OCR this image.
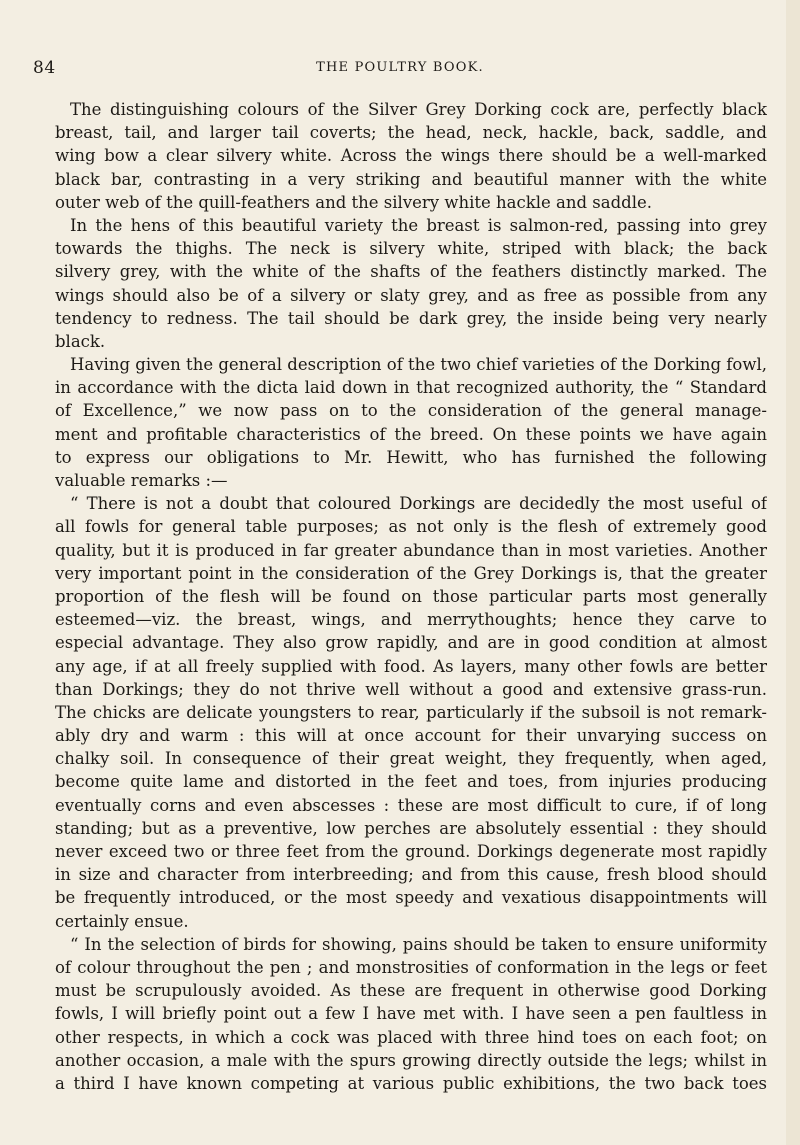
84	THE POULTRY BOOK.
The distinguishing colours of the Silver Grey Dorking cock are, perfectly black
breast, tail, and larger tail coverts; the head, neck, hackle, back, saddle, and
wing bow a clear silvery white. Across the wings there should be a well-marked
black bar, contrasting in a very striking and beautiful manner with the white
outer web of the quill-feathers and the silvery white hackle and saddle.
In the hens of this beautiful variety the breast is salmon-red, passing into grey
towards the thighs. The neck is silvery white, striped with black; the back
silvery grey, with the white of the shafts of the feathers distinctly marked. The
wings should also be of a silvery or slaty grey, and as free as possible from any
tendency to redness. The tail should be dark grey, the inside being very nearly
black.
Having given the general description of the two chief varieties of the Dorking fowl,
in accordance with the dicta laid down in that recognized authority, the “ Standard
of Excellence,” we now pass on to the consideration of the general manage-
ment and profitable characteristics of the breed. On these points we have again
to express our obligations to Mr. Hewitt, who has furnished the following
valuable remarks :—
“ There is not a doubt that coloured Dorkings are decidedly the most useful of
all fowls for general table purposes; as not only is the flesh of extremely good
quality, but it is produced in far greater abundance than in most varieties. Another
very important point in the consideration of the Grey Dorkings is, that the greater
proportion of the flesh will be found on those particular parts most generally
esteemed—viz. the breast, wings, and merrythoughts; hence they carve to
especial advantage. They also grow rapidly, and are in good condition at almost
any age, if at all freely supplied with food. As layers, many other fowls are better
than Dorkings; they do not thrive well without a good and extensive grass-run.
The chicks are delicate youngsters to rear, particularly if the subsoil is not remark-
ably dry and warm : this will at once account for their unvarying success on
chalky soil. In consequence of their great weight, they frequently, when aged,
become quite lame and distorted in the feet and toes, from injuries producing
eventually corns and even abscesses : these are most difficult to cure, if of long
standing; but as a preventive, low perches are absolutely essential : they should
never exceed two or three feet from the ground. Dorkings degenerate most rapidly
in size and character from interbreeding; and from this cause, fresh blood should
be frequently introduced, or the most speedy and vexatious disappointments will
certainly ensue.
“ In the selection of birds for showing, pains should be taken to ensure uniformity
of colour throughout the pen ; and monstrosities of conformation in the legs or feet
must be scrupulously avoided. As these are frequent in otherwise good Dorking
fowls, I will briefly point out a few I have met with. I have seen a pen faultless in
other respects, in which a cock was placed with three hind toes on each foot; on
another occasion, a male with the spurs growing directly outside the legs; whilst in
a third I have known competing at various public exhibitions, the two back toes
